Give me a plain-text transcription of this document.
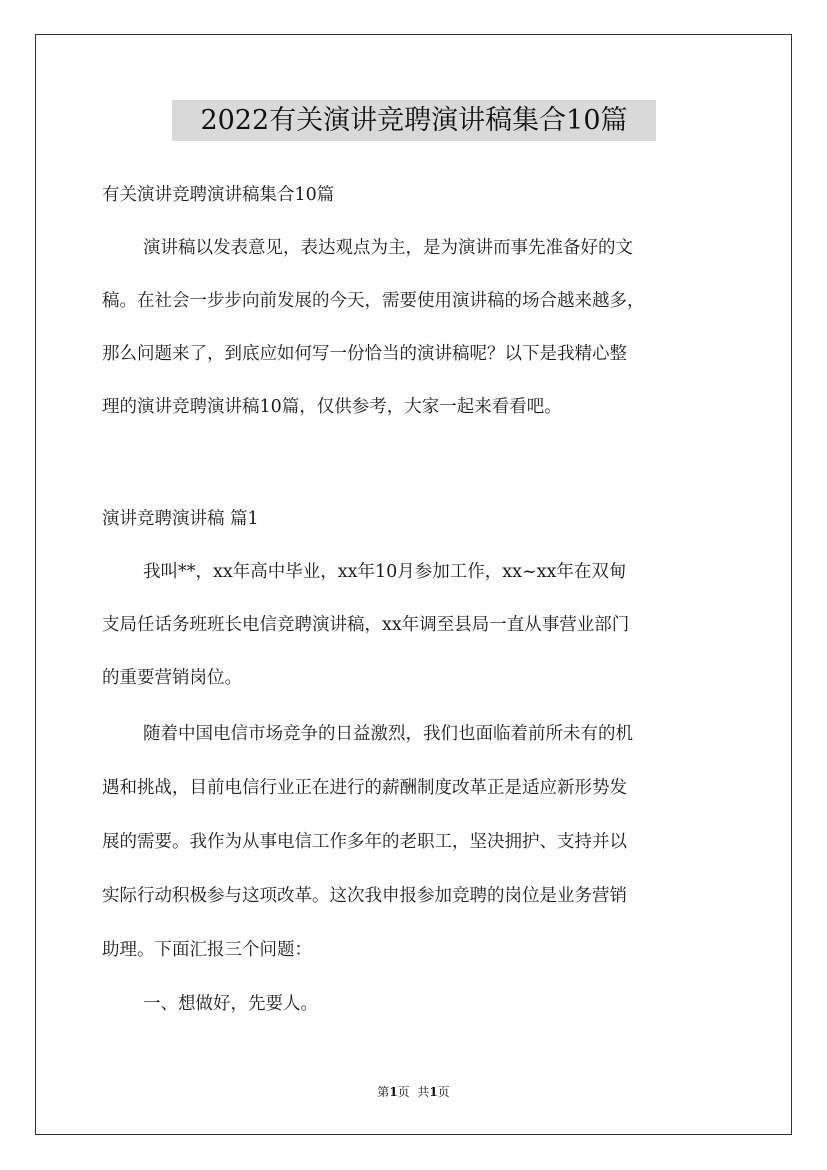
2022有关演讲竞聘演讲稿集合10篇
有关演讲竞聘演讲稿集合10篇
演讲稿以发表意见，表达观点为主，是为演讲而事先准备好的文
稿。在社会一步步向前发展的今天，需要使用演讲稿的场合越来越多，
那么问题来了，到底应如何写一份恰当的演讲稿呢？以下是我精心整
理的演讲竞聘演讲稿10篇，仅供参考，大家一起来看看吧。
演讲竞聘演讲稿 篇1
我叫**，xx年高中毕业，xx年10月参加工作，xx~xx年在双甸
支局任话务班班长电信竞聘演讲稿，xx年调至县局一直从事营业部门
的重要营销岗位。
随着中国电信市场竞争的日益激烈，我们也面临着前所未有的机
遇和挑战，目前电信行业正在进行的薪酬制度改革正是适应新形势发
展的需要。我作为从事电信工作多年的老职工，坚决拥护、支持并以
实际行动积极参与这项改革。这次我申报参加竞聘的岗位是业务营销
助理。下面汇报三个问题：
一、想做好，先要人。
第1页  共1页
